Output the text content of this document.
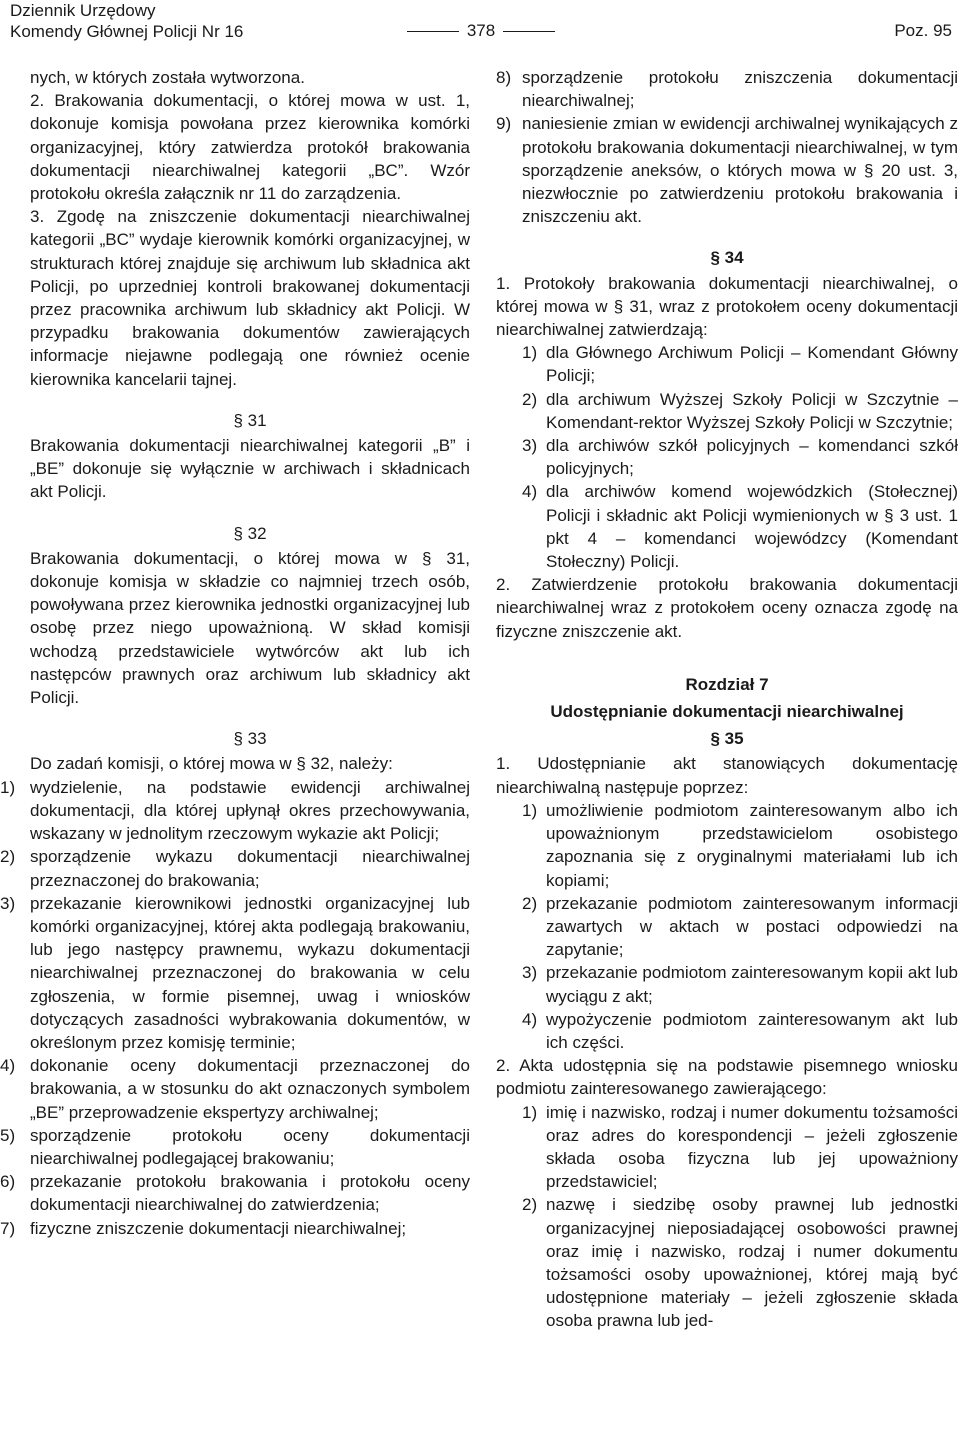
Dziennik Urzędowy
Komendy Głównej Policji Nr 16	378	Poz. 95

nych, w których została wytworzona.

2. Brakowania dokumentacji, o której mowa w ust. 1, dokonuje komisja powołana przez kierownika komórki organizacyjnej, który zatwierdza protokół brakowania dokumentacji niearchiwalnej kategorii „BC”. Wzór protokołu określa załącznik nr 11 do zarządzenia.

3. Zgodę na zniszczenie dokumentacji niearchiwalnej kategorii „BC” wydaje kierownik komórki organizacyjnej, w strukturach której znajduje się archiwum lub składnica akt Policji, po uprzedniej kontroli brakowanej dokumentacji przez pracownika archiwum lub składnicy akt Policji. W przypadku brakowania dokumentów zawierających informacje niejawne podlegają one również ocenie kierownika kancelarii tajnej.

§ 31

Brakowania dokumentacji niearchiwalnej kategorii „B” i „BE” dokonuje się wyłącznie w archiwach i składnicach akt Policji.

§ 32

Brakowania dokumentacji, o której mowa w § 31, dokonuje komisja w składzie co najmniej trzech osób, powoływana przez kierownika jednostki organizacyjnej lub osobę przez niego upoważnioną. W skład komisji wchodzą przedstawiciele wytwórców akt lub ich następców prawnych oraz archiwum lub składnicy akt Policji.

§ 33

Do zadań komisji, o której mowa w § 32, należy:

1) wydzielenie, na podstawie ewidencji archiwalnej dokumentacji, dla której upłynął okres przechowywania, wskazany w jednolitym rzeczowym wykazie akt Policji;

2) sporządzenie wykazu dokumentacji niearchiwalnej przeznaczonej do brakowania;

3) przekazanie kierownikowi jednostki organizacyjnej lub komórki organizacyjnej, której akta podlegają brakowaniu, lub jego następcy prawnemu, wykazu dokumentacji niearchiwalnej przeznaczonej do brakowania w celu zgłoszenia, w formie pisemnej, uwag i wniosków dotyczących zasadności wybrakowania dokumentów, w określonym przez komisję terminie;

4) dokonanie oceny dokumentacji przeznaczonej do brakowania, a w stosunku do akt oznaczonych symbolem „BE” przeprowadzenie ekspertyzy archiwalnej;

5) sporządzenie protokołu oceny dokumentacji niearchiwalnej podlegającej brakowaniu;

6) przekazanie protokołu brakowania i protokołu oceny dokumentacji niearchiwalnej do zatwierdzenia;

7) fizyczne zniszczenie dokumentacji niearchiwalnej;

8) sporządzenie protokołu zniszczenia dokumentacji niearchiwalnej;

9) naniesienie zmian w ewidencji archiwalnej wynikających z protokołu brakowania dokumentacji niearchiwalnej, w tym sporządzenie aneksów, o których mowa w § 20 ust. 3, niezwłocznie po zatwierdzeniu protokołu brakowania i zniszczeniu akt.

§ 34

1. Protokoły brakowania dokumentacji niearchiwalnej, o której mowa w § 31, wraz z protokołem oceny dokumentacji niearchiwalnej zatwierdzają:

1) dla Głównego Archiwum Policji – Komendant Główny Policji;

2) dla archiwum Wyższej Szkoły Policji w Szczytnie – Komendant-rektor Wyższej Szkoły Policji w Szczytnie;

3) dla archiwów szkół policyjnych – komendanci szkół policyjnych;

4) dla archiwów komend wojewódzkich (Stołecznej) Policji i składnic akt Policji wymienionych w § 3 ust. 1 pkt 4 – komendanci wojewódzcy (Komendant Stołeczny) Policji.

2. Zatwierdzenie protokołu brakowania dokumentacji niearchiwalnej wraz z protokołem oceny oznacza zgodę na fizyczne zniszczenie akt.

Rozdział 7
Udostępnianie dokumentacji niearchiwalnej
§ 35

1. Udostępnianie akt stanowiących dokumentację niearchiwalną następuje poprzez:

1) umożliwienie podmiotom zainteresowanym albo ich upoważnionym przedstawicielom osobistego zapoznania się z oryginalnymi materiałami lub ich kopiami;

2) przekazanie podmiotom zainteresowanym informacji zawartych w aktach w postaci odpowiedzi na zapytanie;

3) przekazanie podmiotom zainteresowanym kopii akt lub wyciągu z akt;

4) wypożyczenie podmiotom zainteresowanym akt lub ich części.

2. Akta udostępnia się na podstawie pisemnego wniosku podmiotu zainteresowanego zawierającego:

1) imię i nazwisko, rodzaj i numer dokumentu tożsamości oraz adres do korespondencji – jeżeli zgłoszenie składa osoba fizyczna lub jej upoważniony przedstawiciel;

2) nazwę i siedzibę osoby prawnej lub jednostki organizacyjnej nieposiadającej osobowości prawnej oraz imię i nazwisko, rodzaj i numer dokumentu tożsamości osoby upoważnionej, której mają być udostępnione materiały – jeżeli zgłoszenie składa osoba prawna lub jed-
